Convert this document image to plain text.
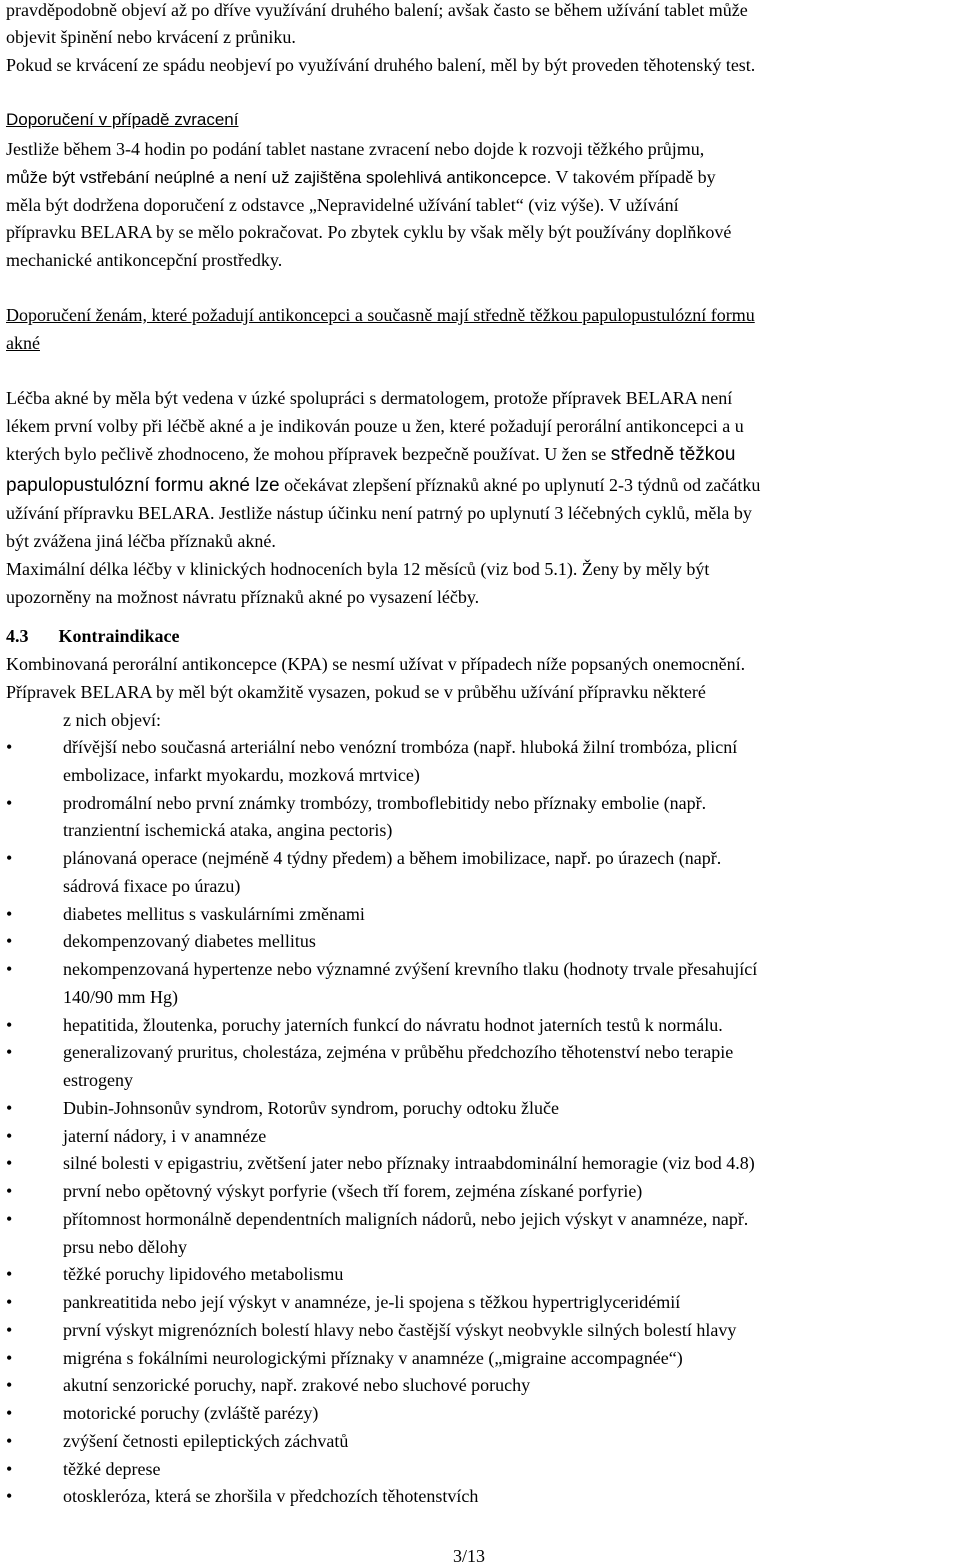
pravděpodobně objeví až po dříve využívání druhého balení; avšak často se během užívání tablet může
objevit špinění nebo krvácení z průniku.
Pokud se krvácení ze spádu neobjeví po využívání druhého balení, měl by být proveden těhotenský test.
Doporučení v případě zvracení
Jestliže během 3-4 hodin po podání tablet nastane zvracení nebo dojde k rozvoji těžkého průjmu,
může být vstřebání neúplné a není už zajištěna spolehlivá antikoncepce. V takovém případě by
měla být dodržena doporučení z odstavce „Nepravidelné užívání tablet“ (viz výše). V užívání
přípravku BELARA by se mělo pokračovat. Po zbytek cyklu by však měly být používány doplňkové
mechanické antikoncepční prostředky.
Doporučení ženám, které požadují antikoncepci a současně mají středně těžkou papulopustulózní formu
akné
Léčba akné by měla být vedena v úzké spolupráci s dermatologem, protože přípravek BELARA není
lékem první volby při léčbě akné a je indikován pouze u žen, které požadují perorální antikoncepci a u
kterých bylo pečlivě zhodnoceno, že mohou přípravek bezpečně používat. U žen se středně těžkou
papulopustulózní formu akné lze očekávat zlepšení příznaků akné po uplynutí 2-3 týdnů od začátku
užívání přípravku BELARA. Jestliže nástup účinku není patrný po uplynutí 3 léčebných cyklů, měla by
být zvážena jiná léčba příznaků akné.
Maximální délka léčby v klinických hodnoceních byla 12 měsíců (viz bod 5.1). Ženy by měly být
upozorněny na možnost návratu příznaků akné po vysazení léčby.
4.3 Kontraindikace
Kombinovaná perorální antikoncepce (KPA) se nesmí užívat v případech níže popsaných onemocnění.
Přípravek BELARA by měl být okamžitě vysazen, pokud se v průběhu užívání přípravku některé
z nich objeví:
•	dřívější nebo současná arteriální nebo venózní trombóza (např. hluboká žilní trombóza, plicní
embolizace, infarkt myokardu, mozková mrtvice)
•	prodromální nebo první známky trombózy, tromboflebitidy nebo příznaky embolie (např.
tranzientní ischemická ataka, angina pectoris)
•	plánovaná operace (nejméně 4 týdny předem) a během imobilizace, např. po úrazech (např.
sádrová fixace po úrazu)
•	diabetes mellitus s vaskulárními změnami
•	dekompenzovaný diabetes mellitus
•	nekompenzovaná hypertenze nebo významné zvýšení krevního tlaku (hodnoty trvale přesahující
140/90 mm Hg)
•	hepatitida, žloutenka, poruchy jaterních funkcí do návratu hodnot jaterních testů k normálu.
•	generalizovaný pruritus, cholestáza, zejména v průběhu předchozího těhotenství nebo terapie
estrogeny
•	Dubin-Johnsonův syndrom, Rotorův syndrom, poruchy odtoku žluče
•	jaterní nádory, i v anamnéze
•	silné bolesti v epigastriu, zvětšení jater nebo příznaky intraabdominální hemoragie (viz bod 4.8)
•	první nebo opětovný výskyt porfyrie (všech tří forem, zejména získané porfyrie)
•	přítomnost hormonálně dependentních maligních nádorů, nebo jejich výskyt v anamnéze, např.
prsu nebo dělohy
•	těžké poruchy lipidového metabolismu
•	pankreatitida nebo její výskyt v anamnéze, je-li spojena s těžkou hypertriglyceridémií
•	první výskyt migrenózních bolestí hlavy nebo častější výskyt neobvykle silných bolestí hlavy
•	migréna s fokálními neurologickými příznaky v anamnéze („migraine accompagnée“)
•	akutní senzorické poruchy, např. zrakové nebo sluchové poruchy
•	motorické poruchy (zvláště parézy)
•	zvýšení četnosti epileptických záchvatů
•	těžké deprese
•	otoskleróza, která se zhoršila v předchozích těhotenstvích
3/13
